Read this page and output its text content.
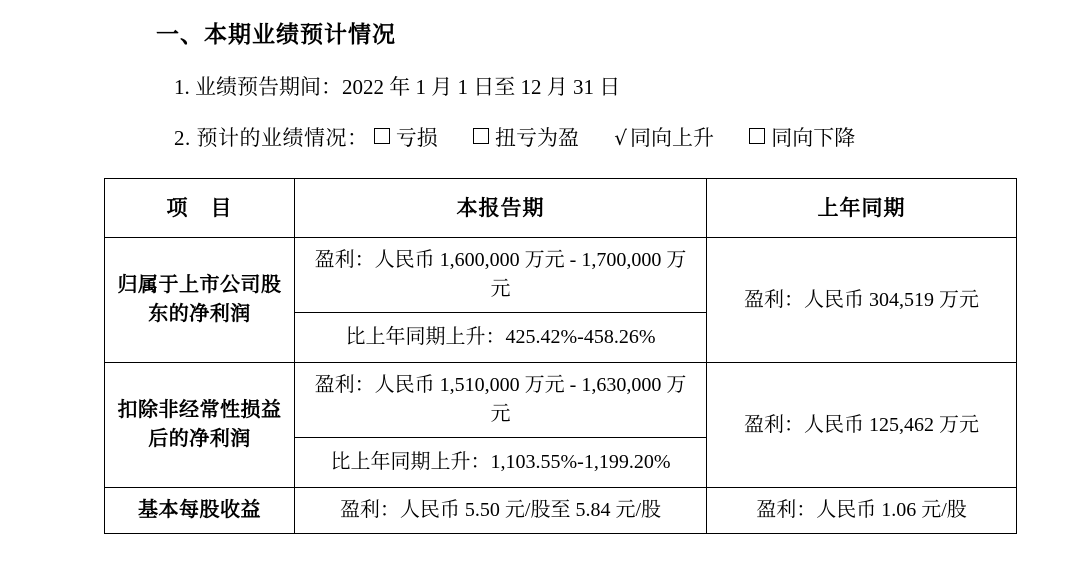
一、本期业绩预计情况

1. 业绩预告期间：2022 年 1 月 1 日至 12 月 31 日

2. 预计的业绩情况： 亏损	扭亏为盈 √ 同向上升	同向下降

项　目	本报告期	上年同期
归属于上市公司股东的净利润	盈利：人民币 1,600,000 万元 - 1,700,000 万元	盈利：人民币 304,519 万元
	比上年同期上升：425.42%-458.26%	
扣除非经常性损益后的净利润	盈利：人民币 1,510,000 万元 - 1,630,000 万元	盈利：人民币 125,462 万元
	比上年同期上升：1,103.55%-1,199.20%	
基本每股收益	盈利：人民币 5.50 元/股至 5.84 元/股	盈利：人民币 1.06 元/股
